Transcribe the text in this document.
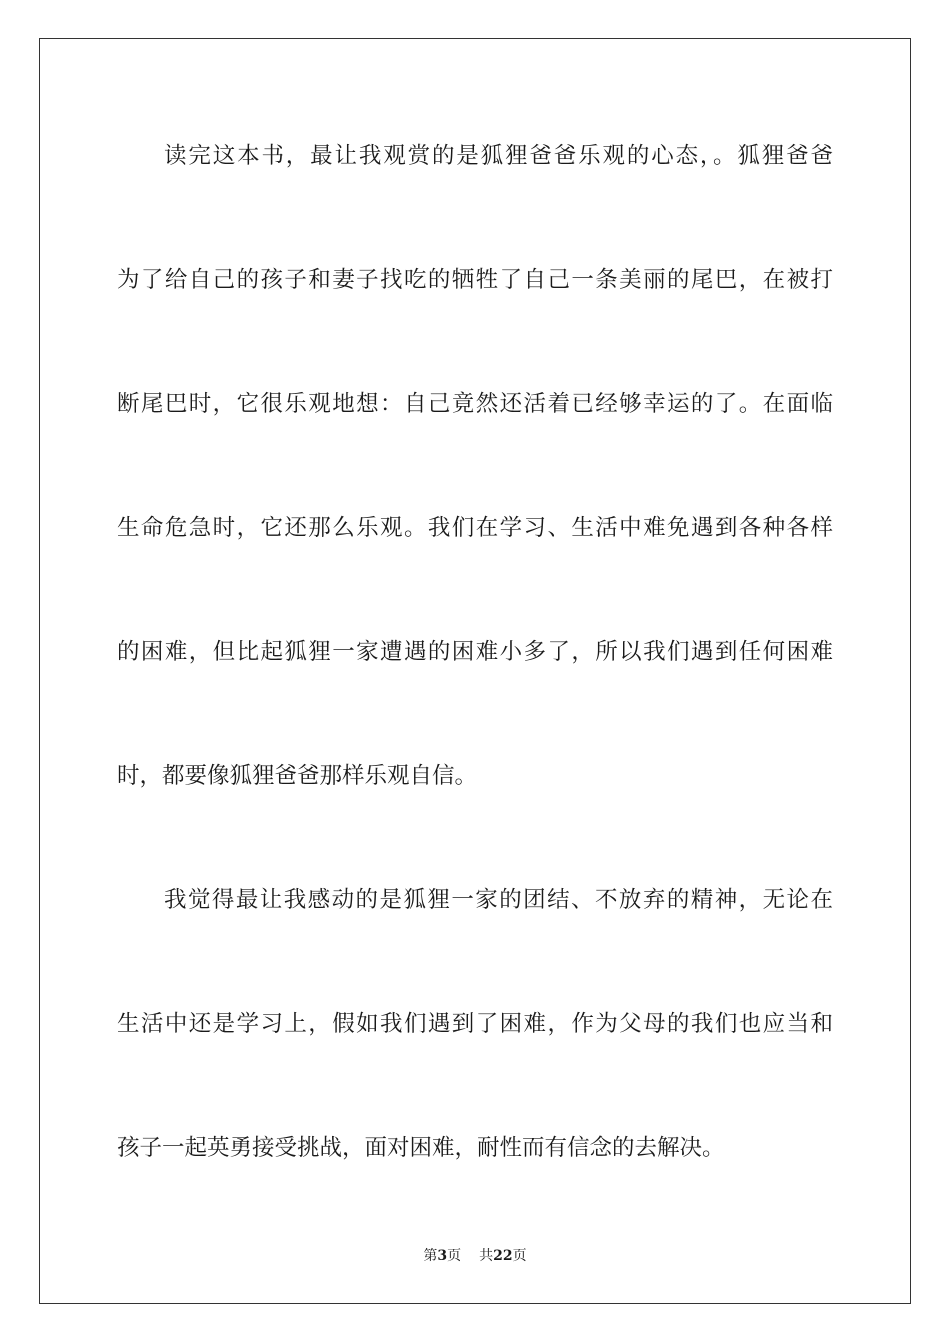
读完这本书，最让我观赏的是狐狸爸爸乐观的心态，。狐狸爸爸
为了给自己的孩子和妻子找吃的牺牲了自己一条美丽的尾巴，在被打
断尾巴时，它很乐观地想：自己竟然还活着已经够幸运的了。在面临
生命危急时，它还那么乐观。我们在学习、生活中难免遇到各种各样
的困难，但比起狐狸一家遭遇的困难小多了，所以我们遇到任何困难
时，都要像狐狸爸爸那样乐观自信。
我觉得最让我感动的是狐狸一家的团结、不放弃的精神，无论在
生活中还是学习上，假如我们遇到了困难，作为父母的我们也应当和
孩子一起英勇接受挑战，面对困难，耐性而有信念的去解决。
第3页 共22页
